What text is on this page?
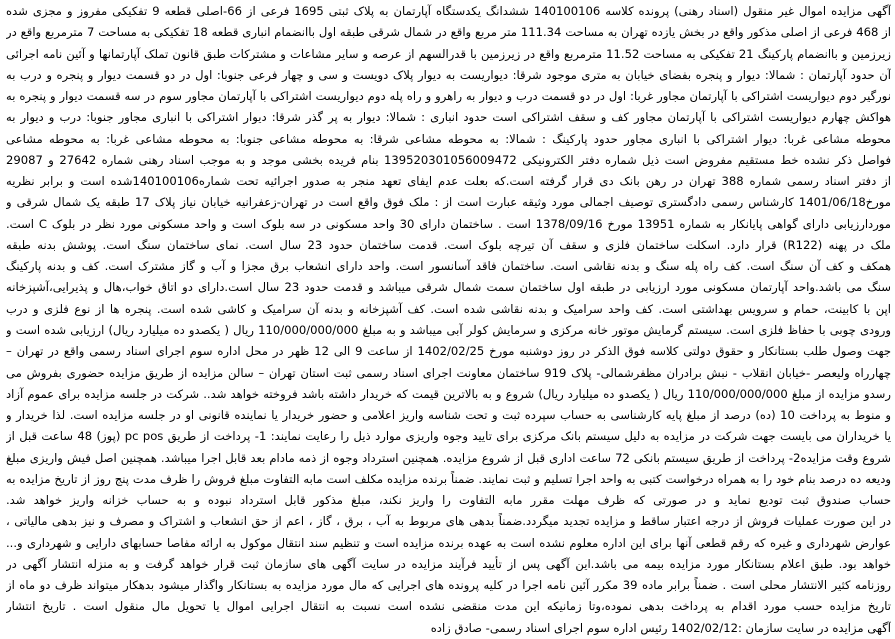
آگهی مزایده اموال غیر منقول (اسناد رهنی) پرونده کلاسه 140100106 ششدانگ یکدستگاه آپارتمان به پلاک ثبتی 1695 فرعی از 66-اصلی قطعه 9 تفکیکی مفروز و مجزی شده
از 468 فرعی از اصلی مذکور واقع در بخش یازده تهران به مساحت 111.34 متر مربع واقع در شمال شرقی طبقه اول باانضمام انباری قطعه 18 تفکیکی به مساحت 7 مترمربع واقع در
زیرزمین و باانضمام پارکینگ 21 تفکیکی به مساحت 11.52 مترمربع واقع در زیرزمین با قدرالسهم از عرصه و سایر مشاعات و مشترکات طبق قانون تملک آپارتمانها و آئین نامه اجرائی
آن حدود آپارتمان : شمالا: دیوار و پنجره بفضای خیابان به متری موجود شرقا: دیواریست به دیوار پلاک دویست و سی و چهار فرعی جنوبا: اول در دو قسمت دیوار و پنجره و درب به
نورگیر دوم دیواریست اشتراکی با آپارتمان مجاور غربا: اول در دو قسمت درب و دیوار به راهرو و راه پله دوم دیواریست اشتراکی با آپارتمان مجاور سوم در سه قسمت دیوار و پنجره به
هواکش چهارم دیواریست اشتراکی با آپارتمان مجاور کف و سقف اشتراکی است حدود انباری : شمالا: دیوار به پر گذر شرقا: دیوار اشتراکی با انباری مجاور جنوبا: درب و دیوار به
محوطه مشاعی غربا: دیوار اشتراکی با انباری مجاور حدود پارکینگ : شمالا: به محوطه مشاعی شرقا: به محوطه مشاعی جنوبا: به محوطه مشاعی غربا: به محوطه مشاعی
فواصل ذکر نشده خط مستقیم مفروض است ذیل شماره دفتر الکترونیکی 139520301056009472 بنام فریده بخشی موجد و به موجب اسناد رهنی شماره 27642 و 29087
از دفتر اسناد رسمی شماره 388 تهران در رهن بانک دی قرار گرفته است.که بعلت عدم ایفای تعهد منجر به صدور اجرائیه تحت شماره140100106شده است و برابر نظریه
مورخ1401/06/18 کارشناس رسمی دادگستری توصیف اجمالی مورد وثیقه عبارت است از : ملک فوق واقع است در تهران-زعفرانیه خیابان نیاز پلاک 17 طبقه یک شمال شرقی و
موردارزیابی دارای گواهی پایانکار به شماره 13951 مورخ 1378/09/16 است . ساختمان دارای 30 واحد مسکونی در سه بلوک است و واحد مسکونی مورد نظر در بلوک C است.
ملک در پهنه (R122) قرار دارد. اسکلت ساختمان فلزی و سقف آن تیرچه بلوک است. قدمت ساختمان حدود 23 سال است. نمای ساختمان سنگ است. پوشش بدنه طبقه
همکف و کف آن سنگ است. کف راه پله سنگ و بدنه نقاشی است. ساختمان فاقد آسانسور است. واحد دارای انشعاب برق مجزا و آب و گاز مشترک است. کف و بدنه پارکینگ
سنگ می باشد.واحد آپارتمان مسکونی مورد ارزیابی در طبقه اول ساختمان سمت شمال شرقی میباشد و قدمت حدود 23 سال است.دارای دو اتاق خواب،هال و پذیرایی،آشپزخانه
اپن با کابینت، حمام و سرویس بهداشتی است. کف واحد سرامیک و بدنه نقاشی شده است. کف آشپزخانه و بدنه آن سرامیک و کاشی شده است. پنجره ها از نوع فلزی و درب
ورودی چوبی با حفاظ فلزی است. سیستم گرمایش موتور خانه مرکزی و سرمایش کولر آبی میباشد و به مبلغ 110/000/000/000 ریال ( یکصدو ده میلیارد ریال) ارزیابی شده است و
جهت وصول طلب بستانکار و حقوق دولتی کلاسه فوق الذکر در روز دوشنبه مورخ 1402/02/25 از ساعت 9 الی 12 ظهر در محل اداره سوم اجرای اسناد رسمی واقع در تهران –
چهارراه ولیعصر -خیابان انقلاب - نبش برادران مظفرشمالی- پلاک 919 ساختمان معاونت اجرای اسناد رسمی ثبت استان تهران – سالن مزایده از طریق مزایده حضوری بفروش می
رسدو مزایده از مبلغ 110/000/000/000 ریال ( یکصدو ده میلیارد ریال) شروع و به بالاترین قیمت که خریدار داشته باشد فروخته خواهد شد.. شرکت در جلسه مزایده برای عموم آزاد
و منوط به پرداخت 10 (ده) درصد از مبلغ پایه کارشناسی به حساب سپرده ثبت و تحت شناسه واریز اعلامی و حضور خریدار یا نماینده قانونی او در جلسه مزایده است. لذا خریدار و
یا خریداران می بایست جهت شرکت در مزایده به دلیل سیستم بانک مرکزی برای تایید وجوه واریزی موارد ذیل را رعایت نمایند: 1- پرداخت از طریق pc pos (پوز) 48 ساعت قبل از
شروع وقت مزایده2- پرداخت از طریق سیستم بانکی 72 ساعت اداری قبل از شروع مزایده. همچنین استرداد وجوه از ذمه مادام بعد قابل اجرا میباشد. همچنین اصل فیش واریزی مبلغ
ودیعه ده درصد بنام خود را به همراه درخواست کتبی به واحد اجرا تسلیم و ثبت نمایند. ضمناً برنده مزایده مکلف است مابه التفاوت مبلغ فروش را ظرف مدت پنج روز از تاریخ مزایده به
حساب صندوق ثبت تودیع نماید و در صورتی که ظرف مهلت مقرر مابه التفاوت را واریز نکند، مبلغ مذکور قابل استرداد نبوده و به حساب خزانه واریز خواهد شد.
در این صورت عملیات فروش از درجه اعتبار ساقط و مزایده تجدید میگردد.ضمناً بدهی های مربوط به آب ، برق ، گاز ، اعم از حق انشعاب و اشتراک و مصرف و نیز بدهی مالیاتی ،
عوارض شهرداری و غیره که رقم قطعی آنها برای این اداره معلوم نشده است به عهده برنده مزایده است و تنظیم سند انتقال موکول به ارائه مفاصا حسابهای دارایی و شهرداری و...
خواهد بود. طبق اعلام بستانکار مورد مزایده بیمه می باشد.این آگهی پس از تأیید فرآیند مزایده در سایت آگهی های سازمان ثبت قرار خواهد گرفت و به منزله انتشار آگهی در
روزنامه کثیر الانتشار محلی است . ضمناً برابر ماده 39 مکرر آئین نامه اجرا در کلیه پرونده های اجرایی که مال مورد مزایده به بستانکار واگذار میشود بدهکار میتواند ظرف دو ماه از
تاریخ مزایده حسب مورد اقدام به پرداخت بدهی نموده،وتا زمانیکه این مدت منقضی نشده است نسبت به انتقال اجرایی اموال یا تحویل مال منقول است . تاریخ انتشار
آگهی مزایده در سایت سازمان :1402/02/12 رئیس اداره سوم اجرای اسناد رسمی- صادق زاده
